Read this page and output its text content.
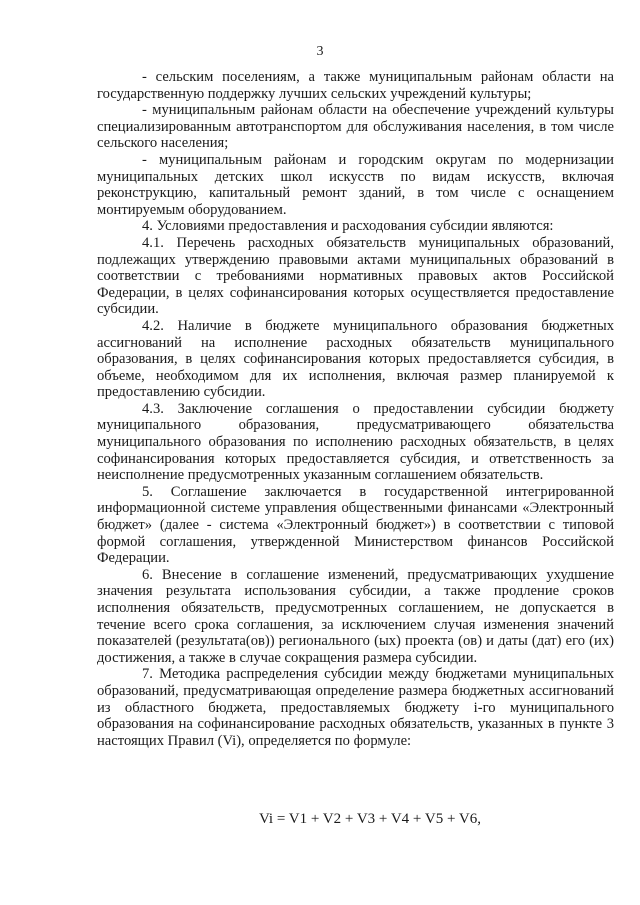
3

- сельским поселениям, а также муниципальным районам области на государственную поддержку лучших сельских учреждений культуры;

- муниципальным районам области на обеспечение учреждений культуры специализированным автотранспортом для обслуживания населения, в том числе сельского населения;

- муниципальным районам и городским округам по модернизации муниципальных детских школ искусств по видам искусств, включая реконструкцию, капитальный ремонт зданий, в том числе с оснащением монтируемым оборудованием.

4. Условиями предоставления и расходования субсидии являются:

4.1. Перечень расходных обязательств муниципальных образований, подлежащих утверждению правовыми актами муниципальных образований в соответствии с требованиями нормативных правовых актов Российской Федерации, в целях софинансирования которых осуществляется предоставление субсидии.

4.2. Наличие в бюджете муниципального образования бюджетных ассигнований на исполнение расходных обязательств муниципального образования, в целях софинансирования которых предоставляется субсидия, в объеме, необходимом для их исполнения, включая размер планируемой к предоставлению субсидии.

4.3. Заключение соглашения о предоставлении субсидии бюджету муниципального образования, предусматривающего обязательства муниципального образования по исполнению расходных обязательств, в целях софинансирования которых предоставляется субсидия, и ответственность за неисполнение предусмотренных указанным соглашением обязательств.

5. Соглашение заключается в государственной интегрированной информационной системе управления общественными финансами «Электронный бюджет» (далее - система «Электронный бюджет») в соответствии с типовой формой соглашения, утвержденной Министерством финансов Российской Федерации.

6. Внесение в соглашение изменений, предусматривающих ухудшение значения результата использования субсидии, а также продление сроков исполнения обязательств, предусмотренных соглашением, не допускается в течение всего срока соглашения, за исключением случая изменения значений показателей (результата(ов)) регионального (ых) проекта (ов) и даты (дат) его (их) достижения, а также в случае сокращения размера субсидии.

7. Методика распределения субсидии между бюджетами муниципальных образований, предусматривающая определение размера бюджетных ассигнований из областного бюджета, предоставляемых бюджету i-го муниципального образования на софинансирование расходных обязательств, указанных в пункте 3 настоящих Правил (Vi), определяется по формуле:

Vi = V1 + V2 + V3 + V4 + V5 + V6,
